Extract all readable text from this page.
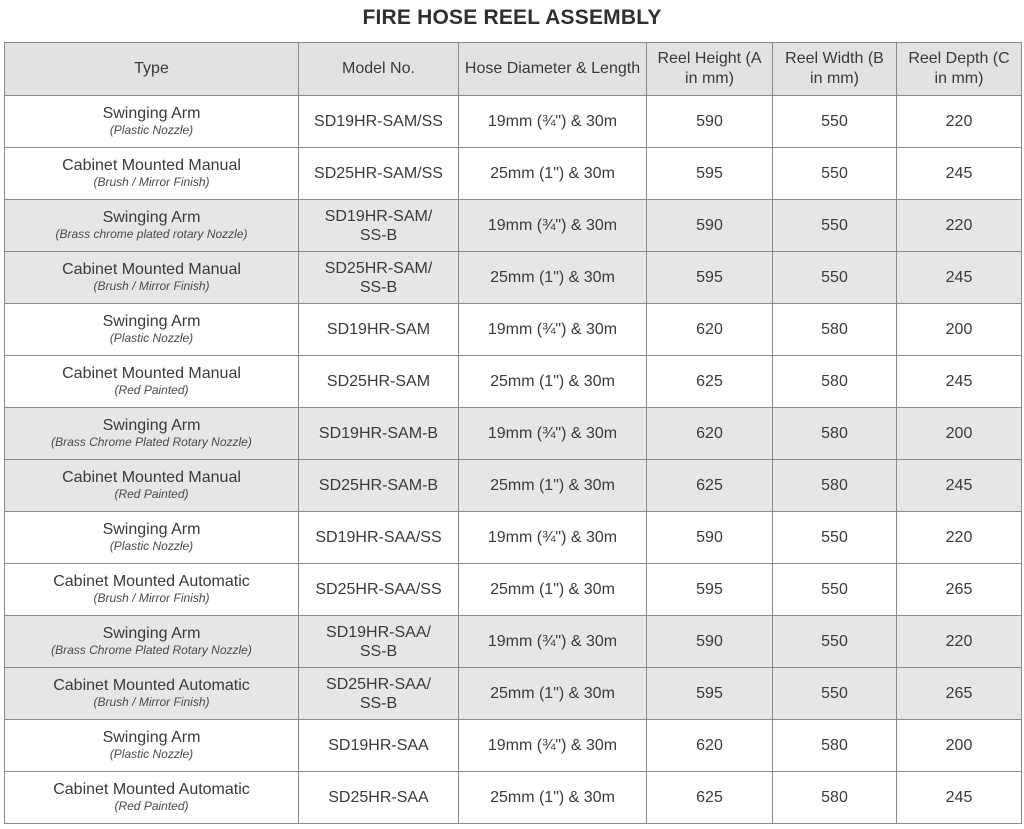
FIRE HOSE REEL ASSEMBLY
Type	Model No.	Hose Diameter & Length	Reel Height (A in mm)	Reel Width (B in mm)	Reel Depth (C in mm)

Swinging Arm
(Plastic Nozzle)	SD19HR-SAM/SS	19mm (¾") & 30m	590	550	220

Cabinet Mounted Manual
(Brush / Mirror Finish)	SD25HR-SAM/SS	25mm (1") & 30m	595	550	245

Swinging Arm
(Brass chrome plated rotary Nozzle)	SD19HR-SAM/
SS-B	19mm (¾") & 30m	590	550	220

Cabinet Mounted Manual
(Brush / Mirror Finish)	SD25HR-SAM/
SS-B	25mm (1") & 30m	595	550	245

Swinging Arm
(Plastic Nozzle)	SD19HR-SAM	19mm (¾") & 30m	620	580	200

Cabinet Mounted Manual
(Red Painted)	SD25HR-SAM	25mm (1") & 30m	625	580	245

Swinging Arm
(Brass Chrome Plated Rotary Nozzle)	SD19HR-SAM-B	19mm (¾") & 30m	620	580	200

Cabinet Mounted Manual
(Red Painted)	SD25HR-SAM-B	25mm (1") & 30m	625	580	245

Swinging Arm
(Plastic Nozzle)	SD19HR-SAA/SS	19mm (¾") & 30m	590	550	220

Cabinet Mounted Automatic
(Brush / Mirror Finish)	SD25HR-SAA/SS	25mm (1") & 30m	595	550	265

Swinging Arm
(Brass Chrome Plated Rotary Nozzle)	SD19HR-SAA/
SS-B	19mm (¾") & 30m	590	550	220

Cabinet Mounted Automatic
(Brush / Mirror Finish)	SD25HR-SAA/
SS-B	25mm (1") & 30m	595	550	265

Swinging Arm
(Plastic Nozzle)	SD19HR-SAA	19mm (¾") & 30m	620	580	200

Cabinet Mounted Automatic
(Red Painted)	SD25HR-SAA	25mm (1") & 30m	625	580	245
